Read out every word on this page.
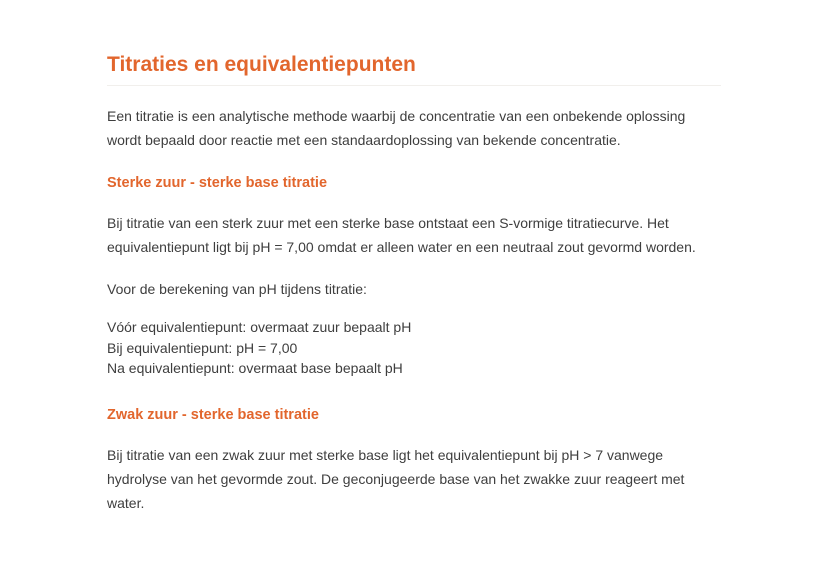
Titraties en equivalentiepunten

Een titratie is een analytische methode waarbij de concentratie van een onbekende oplossing wordt bepaald door reactie met een standaardoplossing van bekende concentratie.

Sterke zuur - sterke base titratie

Bij titratie van een sterk zuur met een sterke base ontstaat een S-vormige titratiecurve. Het equivalentiepunt ligt bij pH = 7,00 omdat er alleen water en een neutraal zout gevormd worden.

Voor de berekening van pH tijdens titratie:

Vóór equivalentiepunt: overmaat zuur bepaalt pH
Bij equivalentiepunt: pH = 7,00
Na equivalentiepunt: overmaat base bepaalt pH
Zwak zuur - sterke base titratie

Bij titratie van een zwak zuur met sterke base ligt het equivalentiepunt bij pH > 7 vanwege hydrolyse van het gevormde zout. De geconjugeerde base van het zwakke zuur reageert met water.
